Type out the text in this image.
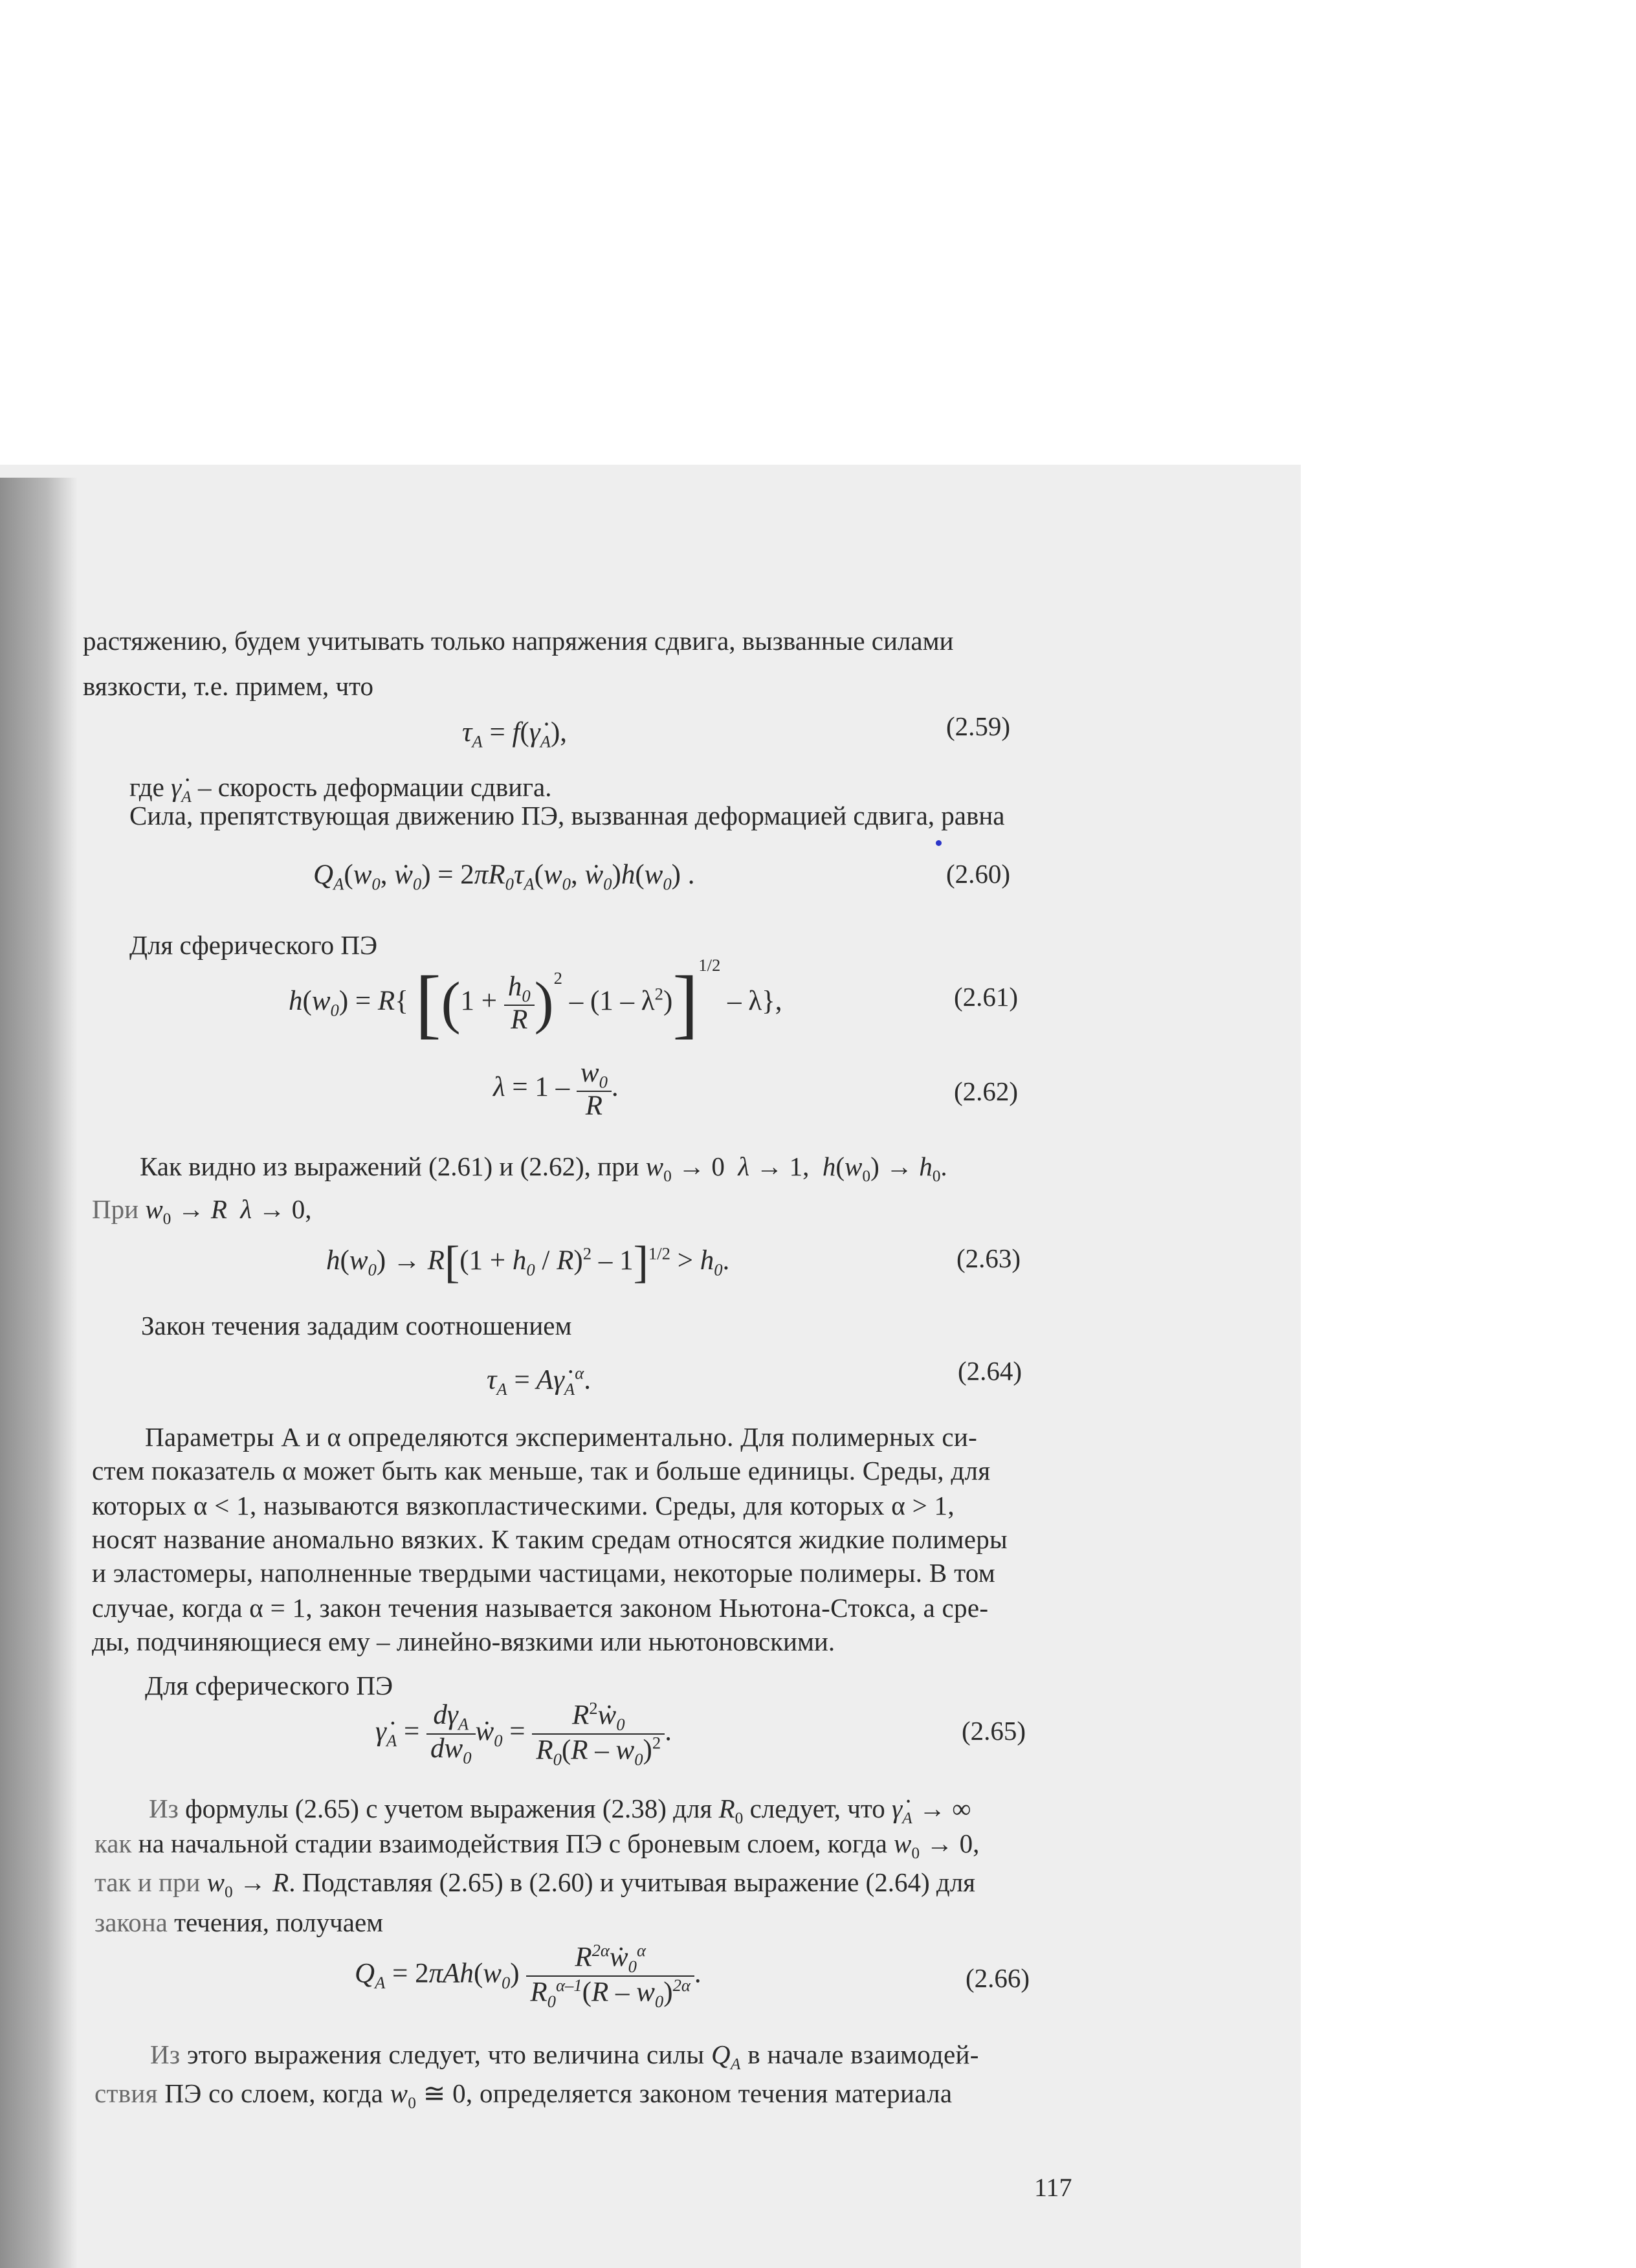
растяжению, будем учитывать только напряжения сдвига, вызванные силами
вязкости, т.е. примем, что
$\tau_A$ = $f(\gammȧ_A)$,	(2.59)
где $\gammȧ_A$ – скорость деформации сдвига.
Сила, препятствующая движению ПЭ, вызванная деформацией сдвига, равна
$Q_A(w_0$, ẇ$_0$) = $2\pi R_0\tau_A(w_0$, $ẇ_0)h(w_0)$ .	(2.60)
Для сферического ПЭ
$h(w_0) = R${ $[(1 + \frac{h_0}{R} )^2 - (1 - \lambda^2)]^{1/2} - \lambda$},	(2.61)
$\lambda = 1 - \frac{w_0}{R}$ .	(2.62)
Как видно из выражений (2.61) и (2.62), при $w_0 \to 0$  λ → 1,  $h(w_0) \to h_0$.
При $w_0 \to R$ λ → 0,
$h(w_0) \to R[(1 + h_0 / R)^2 - 1]^{1/2} > h_0$.	(2.63)
Закон течения зададим соотношением
$\tau_A$ = $A\gammȧ_A^\alpha$.	(2.64)
Параметры A и α определяются экспериментально. Для полимерных си-
стем показатель α может быть как меньше, так и больше единицы. Среды, для
которых α < 1, называются вязкопластическими. Среды, для которых α > 1,
носят название аномально вязких. К таким средам относятся жидкие полимеры
и эластомеры, наполненные твердыми частицами, некоторые полимеры. В том
случае, когда α = 1, закон течения называется законом Ньютона-Стокса, а сре-
ды, подчиняющиеся ему – линейно-вязкими или ньютоновскими.
Для сферического ПЭ
$\gammȧ_A = \frac{d\gamma_A}{dw_0}$ ẇ$_0$ = $\frac{R^2ẇ_0}{R_0(R - w_0)^2}$ .	(2.65)
Из формулы (2.65) с учетом выражения (2.38) для $R_0$ следует, что $\gammȧ_A$ → ∞
как на начальной стадии взаимодействия ПЭ с броневым слоем, когда $w_0 \to 0$,
так и при $w_0 \to R$. Подставляя (2.65) в (2.60) и учитывая выражение (2.64) для
закона течения, получаем
$Q_A = 2\pi Ah(w_0) \frac{R^{2\alpha}ẇ_0^\alpha}{R_0^{\alpha-1}(R - w_0)^{2\alpha}}$ .	(2.66)
Из этого выражения следует, что величина силы $Q_A$ в начале взаимодей-
ствия ПЭ со слоем, когда $w_0$ ≅ 0, определяется законом течения материала
117
